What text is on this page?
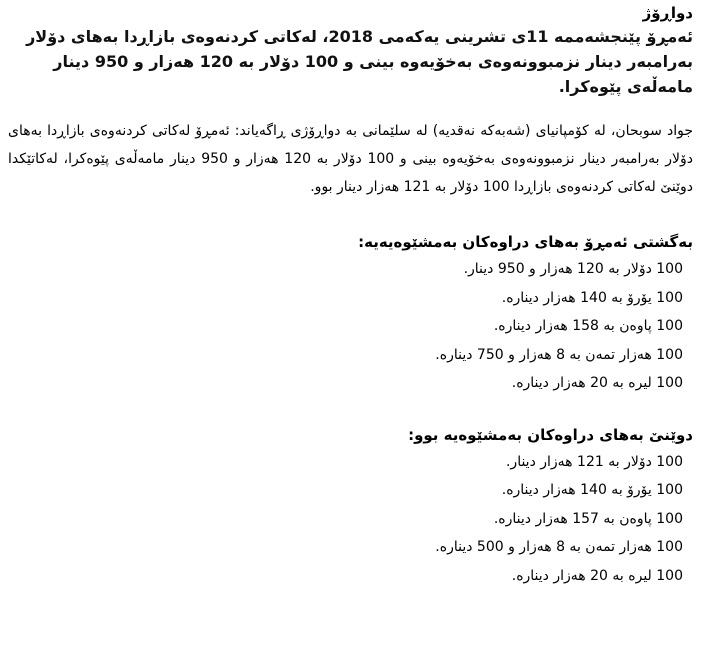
دواڕۆژ

ئەمڕۆ پێنجشەممە 11ی تشرینی یەکەمی 2018، لەکاتی کردنەوەی بازاڕدا بەهای دۆلار بەرامبەر دینار نزمبوونەوەی بەخۆیەوە بینی و 100 دۆلار بە 120 هەزار و 950 دینار مامەڵەی پێوەکرا.

جواد سوبحان، لە کۆمپانیای (شەبەکە نەقدیە) لە سلێمانی بە دواڕۆژی ڕاگەیاند: ئەمڕۆ لەکاتی کردنەوەی بازاڕدا بەهای دۆلار بەرامبەر دینار نزمبوونەوەی بەخۆیەوە بینی و 100 دۆلار بە 120 هەزار و 950 دینار مامەڵەی پێوەکرا، لەکاتێکدا دوێنێ لەکاتی کردنەوەی بازاڕدا 100 دۆلار بە 121 هەزار دینار بوو.

بەگشتی ئەمڕۆ بەهای دراوەکان بەمشێوەیەیە:
100 دۆلار بە 120 هەزار و 950 دینار.
100 یۆرۆ بە 140 هەزار دینارە.
100 پاوەن بە 158 هەزار دینارە.
100 هەزار تمەن بە 8 هەزار و 750 دینارە.
100 لیرە بە 20 هەزار دینارە.
دوێنێ بەهای دراوەکان بەمشێوەیە بوو:
100 دۆلار بە 121 هەزار دینار.
100 یۆرۆ بە 140 هەزار دینارە.
100 پاوەن بە 157 هەزار دینارە.
100 هەزار تمەن بە 8 هەزار و 500 دینارە.
100 لیرە بە 20 هەزار دینارە.
